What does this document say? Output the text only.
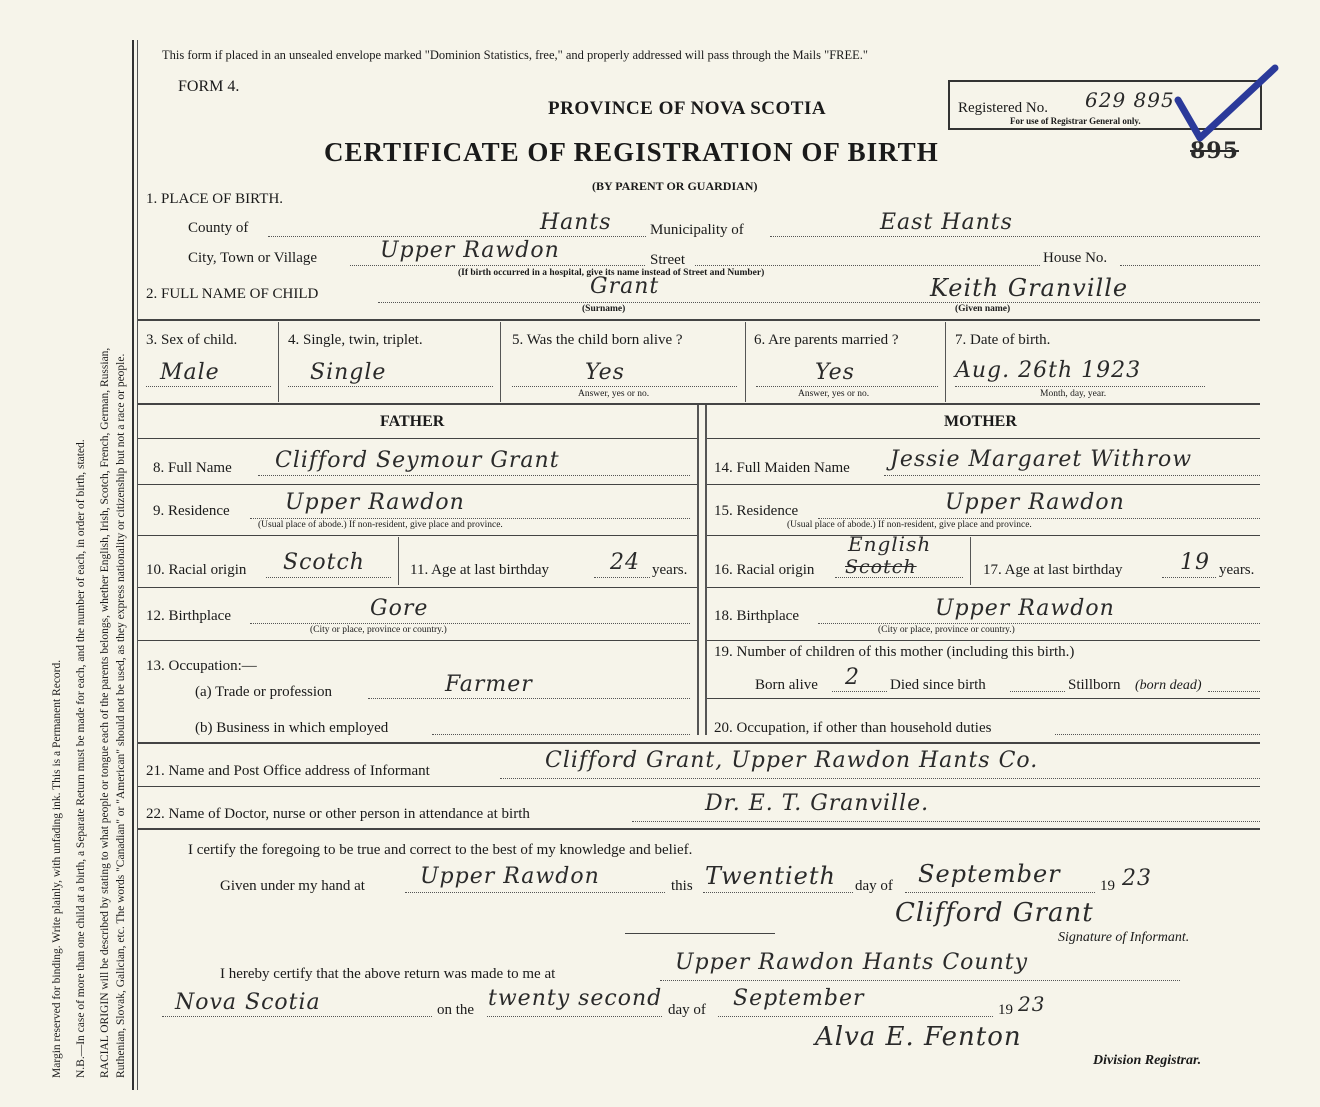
Margin reserved for binding. Write plainly, with unfading ink. This is a Permanent Record. N.B.—In case of more than one child at a birth, a Separate Return must be made for each, and the number of each, in order of birth, stated. RACIAL ORIGIN will be described by stating to what people or tongue each of the parents belongs, whether English, Irish, Scotch, French, German, Russian, Ruthenian, Slovak, Galician, etc. The words "Canadian" or "American" should not be used, as they express nationality or citizenship but not a race or people.
This form if placed in an unsealed envelope marked "Dominion Statistics, free," and properly addressed will pass through the Mails "FREE."
FORM 4.
PROVINCE OF NOVA SCOTIA
CERTIFICATE OF REGISTRATION OF BIRTH
(BY PARENT OR GUARDIAN)
Registered No. 629 895
For use of Registrar General only.
895
1. PLACE OF BIRTH.
County of	Hants	Municipality of	East Hants
City, Town or Village	Upper Rawdon	Street	House No.
(If birth occurred in a hospital, give its name instead of Street and Number)
2. FULL NAME OF CHILD	Grant
(Surname)
Keith Granville
(Given name)
3. Sex of child.
Male
4. Single, twin, triplet.
Single
5. Was the child born alive ?
Yes
Answer, yes or no.
6. Are parents married ?
Yes
Answer, yes or no.
7. Date of birth.
Aug. 26th 1923
Month, day, year.
FATHER	MOTHER
8. Full Name Clifford Seymour Grant
9. Residence	Upper Rawdon
(Usual place of abode.) If non-resident, give place and province.
10. Racial origin Scotch	11. Age at last birthday	24 years.
12. Birthplace	Gore
(City or place, province or country.)
13. Occupation:—
(a) Trade or profession	Farmer
(b) Business in which employed
14. Full Maiden Name Jessie Margaret Withrow
15. Residence	Upper Rawdon
(Usual place of abode.) If non-resident, give place and province.
16. Racial origin
English
Scotch	17. Age at last birthday	19 years.
18. Birthplace	Upper Rawdon
(City or place, province or country.)
19. Number of children of this mother (including this birth.)
Born alive 2 Died since birth	Stillborn (born dead)
20. Occupation, if other than household duties
21. Name and Post Office address of Informant	Clifford Grant, Upper Rawdon Hants Co.
22. Name of Doctor, nurse or other person in attendance at birth	Dr. E. T. Granville.
I certify the foregoing to be true and correct to the best of my knowledge and belief.
Given under my hand at	Upper Rawdon	this Twentieth day of September	19 23
Clifford Grant
Signature of Informant.
I hereby certify that the above return was made to me at	Upper Rawdon Hants County
Nova Scotia	on the twenty second day of September	19 23
Alva E. Fenton
Division Registrar.
